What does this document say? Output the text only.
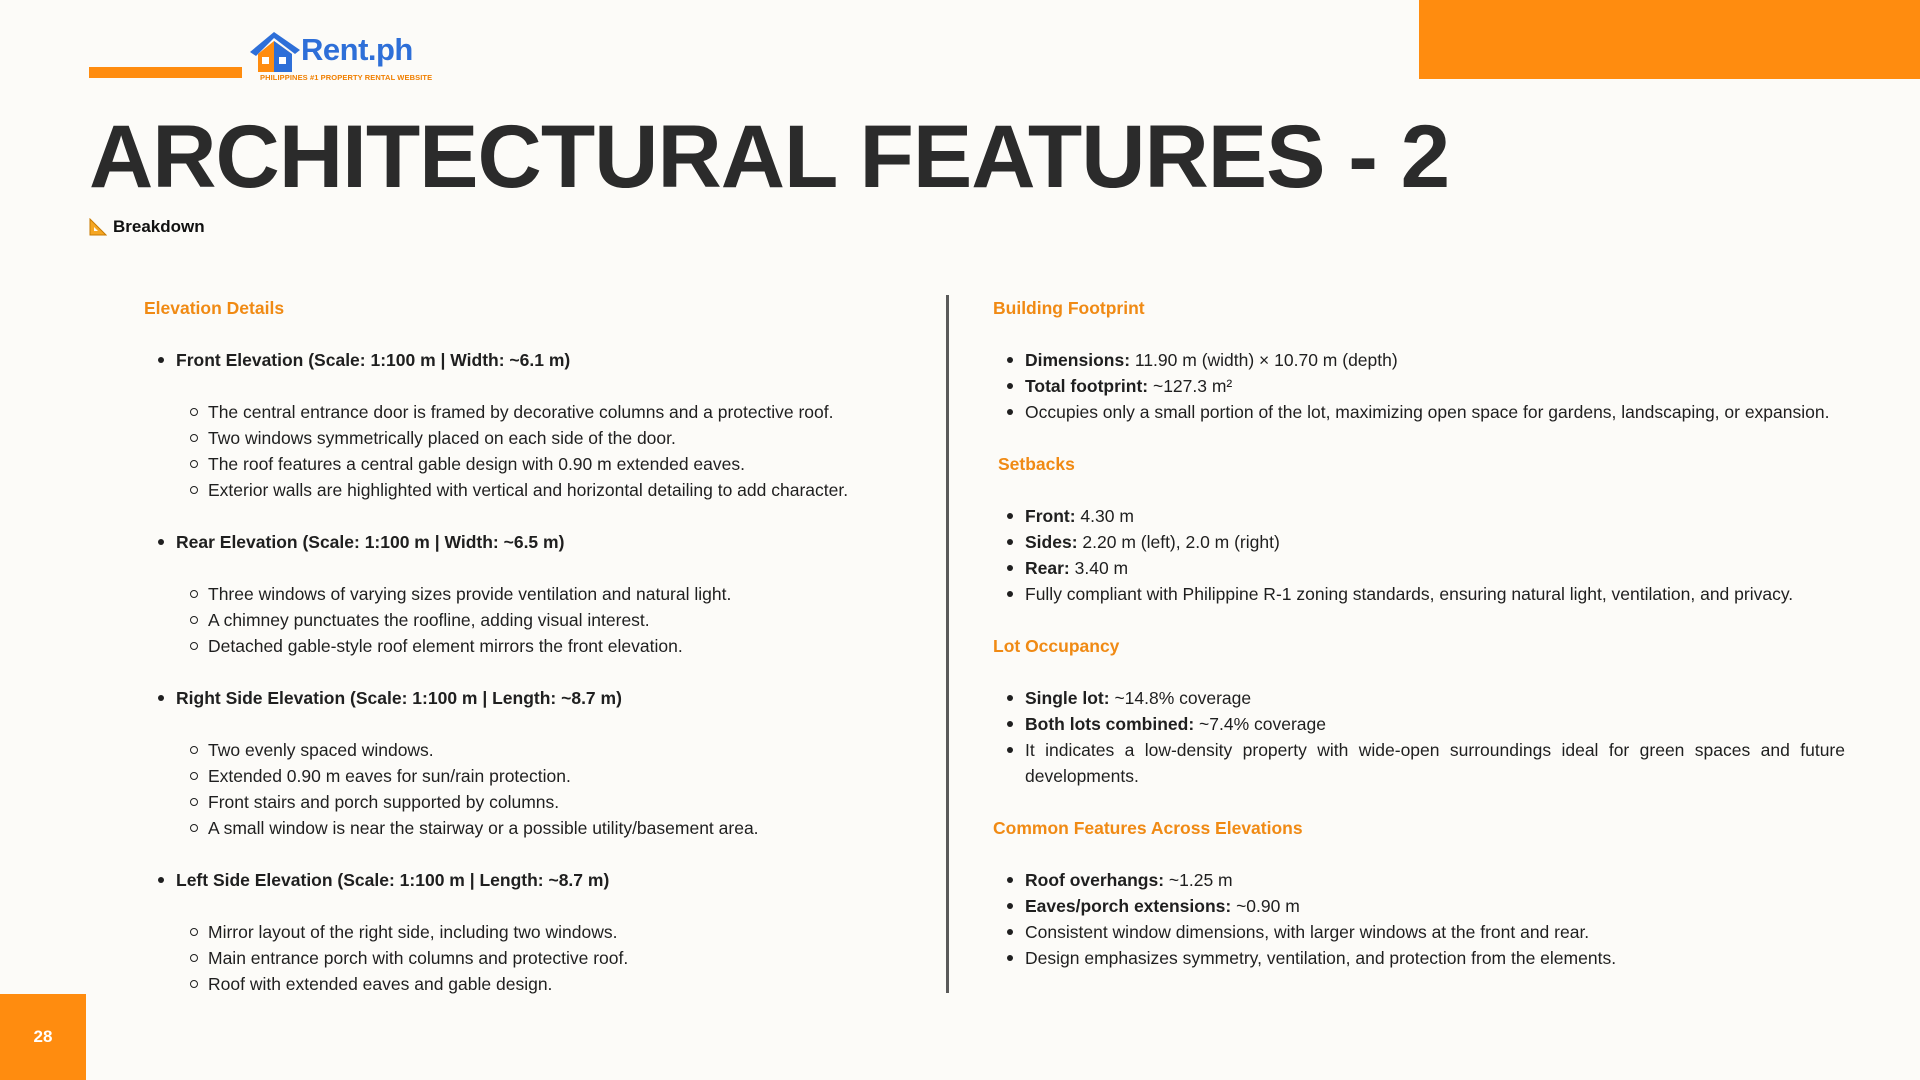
Rent.ph
PHILIPPINES #1 PROPERTY RENTAL WEBSITE
ARCHITECTURAL FEATURES - 2
Breakdown
Elevation Details
Front Elevation (Scale: 1:100 m | Width: ~6.1 m)
The central entrance door is framed by decorative columns and a protective roof.
Two windows symmetrically placed on each side of the door.
The roof features a central gable design with 0.90 m extended eaves.
Exterior walls are highlighted with vertical and horizontal detailing to add character.
Rear Elevation (Scale: 1:100 m | Width: ~6.5 m)
Three windows of varying sizes provide ventilation and natural light.
A chimney punctuates the roofline, adding visual interest.
Detached gable-style roof element mirrors the front elevation.
Right Side Elevation (Scale: 1:100 m | Length: ~8.7 m)
Two evenly spaced windows.
Extended 0.90 m eaves for sun/rain protection.
Front stairs and porch supported by columns.
A small window is near the stairway or a possible utility/basement area.
Left Side Elevation (Scale: 1:100 m | Length: ~8.7 m)
Mirror layout of the right side, including two windows.
Main entrance porch with columns and protective roof.
Roof with extended eaves and gable design.
Building Footprint
Dimensions: 11.90 m (width) × 10.70 m (depth)
Total footprint: ~127.3 m²
Occupies only a small portion of the lot, maximizing open space for gardens, landscaping, or expansion.
Setbacks
Front: 4.30 m
Sides: 2.20 m (left), 2.0 m (right)
Rear: 3.40 m
Fully compliant with Philippine R-1 zoning standards, ensuring natural light, ventilation, and privacy.
Lot Occupancy
Single lot: ~14.8% coverage
Both lots combined: ~7.4% coverage
It indicates a low-density property with wide-open surroundings ideal for green spaces and future developments.
Common Features Across Elevations
Roof overhangs: ~1.25 m
Eaves/porch extensions: ~0.90 m
Consistent window dimensions, with larger windows at the front and rear.
Design emphasizes symmetry, ventilation, and protection from the elements.
28
